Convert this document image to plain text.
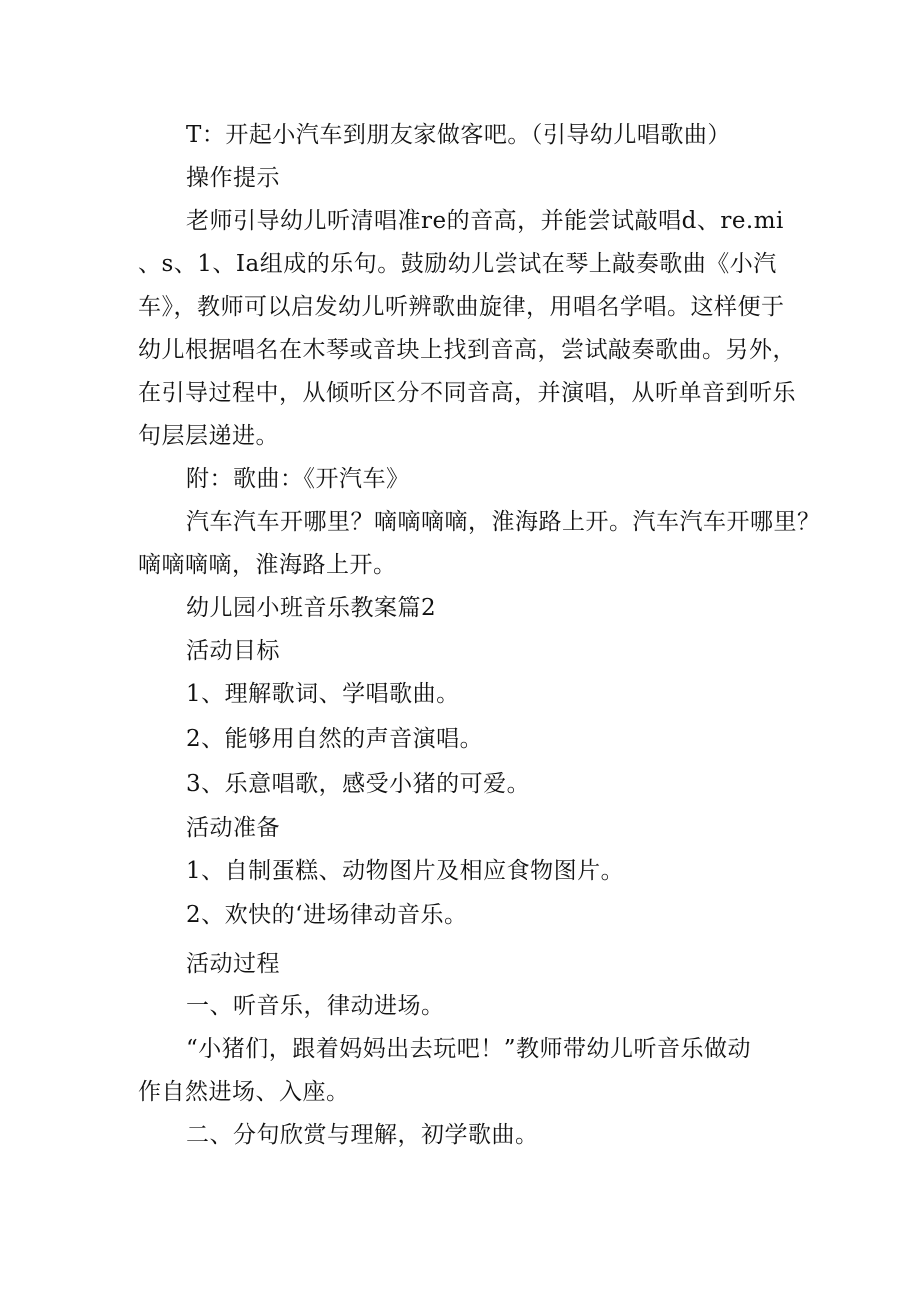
T：开起小汽车到朋友家做客吧。（引导幼儿唱歌曲）
操作提示
老师引导幼儿听清唱准re的音高，并能尝试敲唱d、re.mi
、s、1、Ia组成的乐句。鼓励幼儿尝试在琴上敲奏歌曲《小汽
车》，教师可以启发幼儿听辨歌曲旋律，用唱名学唱。这样便于
幼儿根据唱名在木琴或音块上找到音高，尝试敲奏歌曲。另外，
在引导过程中，从倾听区分不同音高，并演唱，从听单音到听乐
句层层递进。
附：歌曲：《开汽车》
汽车汽车开哪里？嘀嘀嘀嘀，淮海路上开。汽车汽车开哪里？
嘀嘀嘀嘀，淮海路上开。
幼儿园小班音乐教案篇2
活动目标
1、理解歌词、学唱歌曲。
2、能够用自然的声音演唱。
3、乐意唱歌，感受小猪的可爱。
活动准备
1、自制蛋糕、动物图片及相应食物图片。
2、欢快的‘进场律动音乐。
活动过程
一、听音乐，律动进场。
“小猪们，跟着妈妈出去玩吧！”教师带幼儿听音乐做动
作自然进场、入座。
二、分句欣赏与理解，初学歌曲。
